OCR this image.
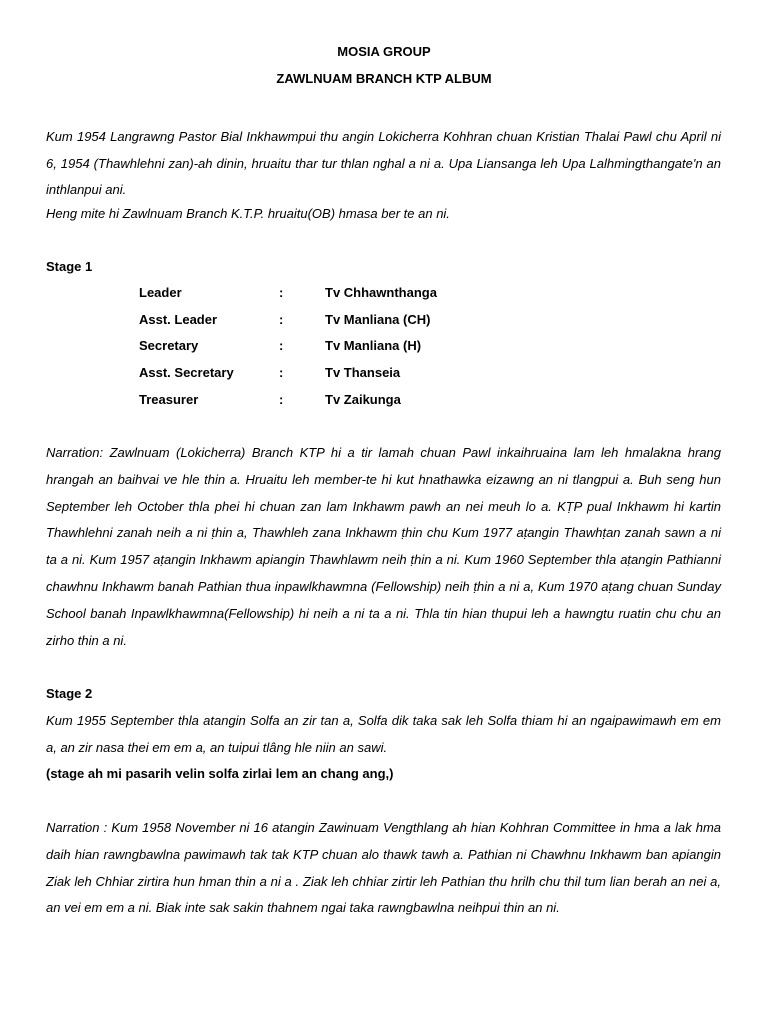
MOSIA GROUP
ZAWLNUAM BRANCH KTP ALBUM
Kum 1954 Langrawng Pastor Bial Inkhawmpui thu angin Lokicherra Kohhran chuan Kristian Thalai Pawl chu April ni 6, 1954 (Thawhlehni zan)-ah dinin, hruaitu thar tur thlan nghal a ni a. Upa Liansanga leh Upa Lalhmingthangate'n an inthlanpui ani.
Heng mite hi Zawlnuam Branch K.T.P. hruaitu(OB) hmasa ber te an ni.
Stage 1
Leader	:	Tv Chhawnthanga
Asst. Leader	:	Tv Manliana (CH)
Secretary	:	Tv Manliana (H)
Asst. Secretary	:	Tv Thanseia
Treasurer	:	Tv Zaikunga
Narration: Zawlnuam (Lokicherra) Branch KTP hi a tir lamah chuan Pawl inkaihruaina lam leh hmalakna hrang hrangah an baihvai ve hle thin a. Hruaitu leh member-te hi kut hnathawka eizawng an ni tlangpui a. Buh seng hun September leh October thla phei hi chuan zan lam Inkhawm pawh an nei meuh lo a. KṬP pual Inkhawm hi kartin Thawhlehni zanah neih a ni ṭhin a, Thawhleh zana Inkhawm ṭhin chu Kum 1977 aṭangin Thawhṭan zanah sawn a ni ta a ni. Kum 1957 aṭangin Inkhawm apiangin Thawhlawm neih ṭhin a ni. Kum 1960 September thla aṭangin Pathianni chawhnu Inkhawm banah Pathian thua inpawlkhawmna (Fellowship) neih ṭhin a ni a, Kum 1970 aṭang chuan Sunday School banah Inpawlkhawmna(Fellowship) hi neih a ni ta a ni. Thla tin hian thupui leh a hawngtu ruatin chu chu an zirho thin a ni.
Stage 2
Kum 1955 September thla atangin Solfa an zir tan a, Solfa dik taka sak leh Solfa thiam hi an ngaipawimawh em em a, an zir nasa thei em em a, an tuipui tlâng hle niin an sawi.
(stage ah mi pasarih velin solfa zirlai lem an chang ang,)
Narration : Kum 1958 November ni 16 atangin Zawinuam Vengthlang ah hian Kohhran Committee in hma a lak hma daih hian rawngbawlna pawimawh tak tak KTP chuan alo thawk tawh a. Pathian ni Chawhnu Inkhawm ban apiangin Ziak leh Chhiar zirtira hun hman thin a ni a . Ziak leh chhiar zirtir leh Pathian thu hrilh chu thil tum lian berah an nei a, an vei em em a ni. Biak inte sak sakin thahnem ngai taka rawngbawlna neihpui thin an ni.
